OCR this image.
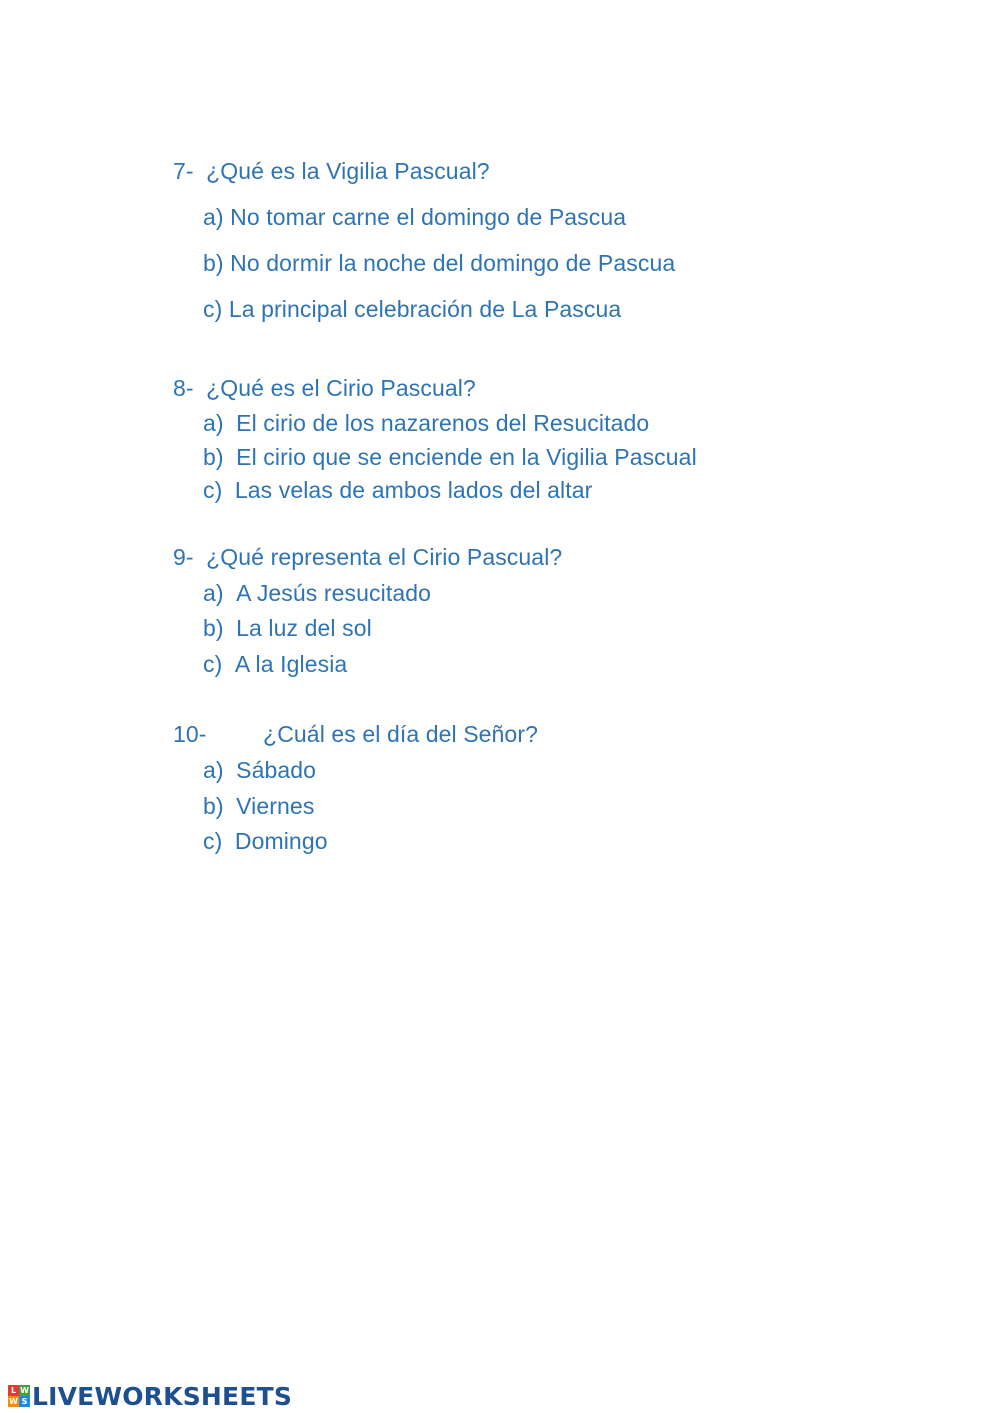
7- ¿Qué es la Vigilia Pascual?
a) No tomar carne el domingo de Pascua
b) No dormir la noche del domingo de Pascua
c) La principal celebración de La Pascua
8- ¿Qué es el Cirio Pascual?
a) El cirio de los nazarenos del Resucitado
b) El cirio que se enciende en la Vigilia Pascual
c) Las velas de ambos lados del altar
9- ¿Qué representa el Cirio Pascual?
a) A Jesús resucitado
b) La luz del sol
c) A la Iglesia
10- ¿Cuál es el día del Señor?
a) Sábado
b) Viernes
c) Domingo
L W
W S LIVEWORKSHEETS
